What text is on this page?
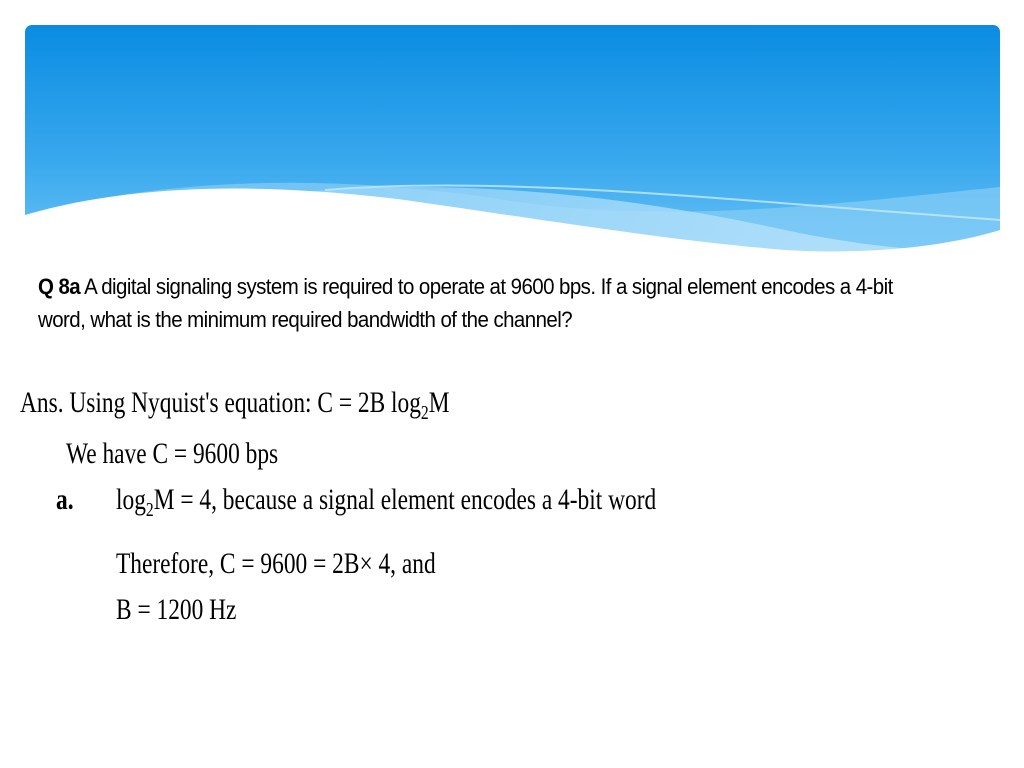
Q 8a A digital signaling system is required to operate at 9600 bps. If a signal element encodes a 4-bit word, what is the minimum required bandwidth of the channel?
Ans. Using Nyquist's equation: C = 2B $\log_2M$
We have C = 9600 bps
a. $\log_2M = 4$, because a signal element encodes a 4-bit word
Therefore, C = 9600 = 2B× 4, and
B = 1200 Hz
